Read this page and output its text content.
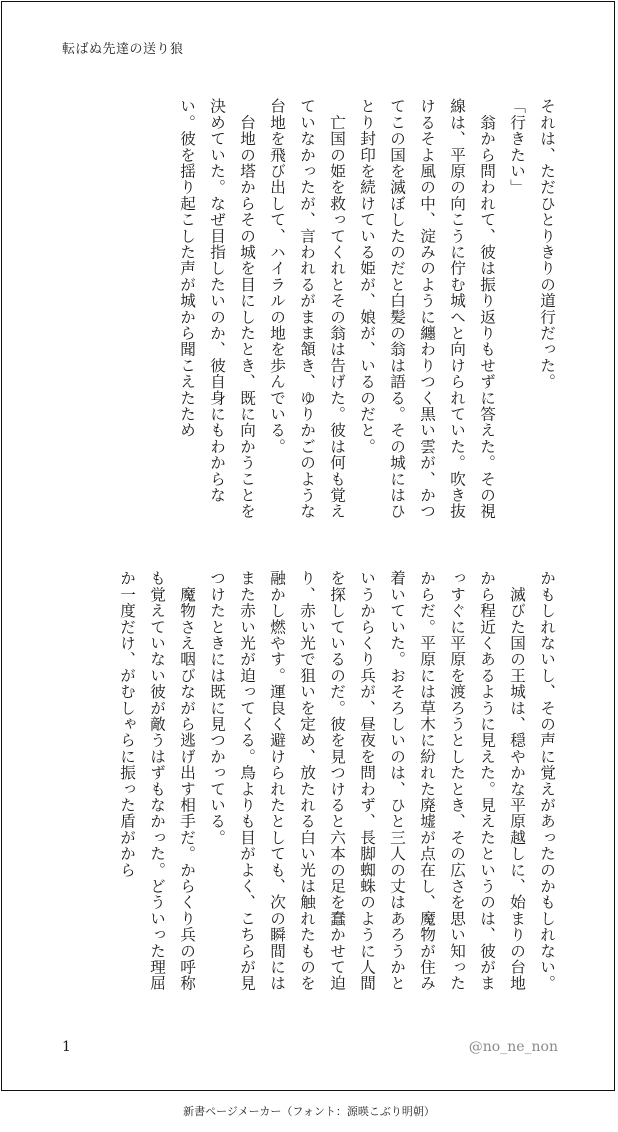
転ばぬ先達の送り狼

それは、ただひとりきりの道行だった。

「行きたい」

　翁から問われて、彼は振り返りもせずに答えた。その視線は、平原の向こうに佇む城へと向けられていた。吹き抜けるそよ風の中、淀みのように纏わりつく黒い雲が、かつてこの国を滅ぼしたのだと白髪の翁は語る。その城にはひとり封印を続けている姫が、娘が、いるのだと。

　亡国の姫を救ってくれとその翁は告げた。彼は何も覚えていなかったが、言われるがまま頷き、ゆりかごのような台地を飛び出して、ハイラルの地を歩んでいる。

　台地の塔からその城を目にしたとき、既に向かうことを決めていた。なぜ目指したいのか、彼自身にもわからない。彼を揺り起こした声が城から聞こえたため

かもしれないし、その声に覚えがあったのかもしれない。

　滅びた国の王城は、穏やかな平原越しに、始まりの台地から程近くあるように見えた。見えたというのは、彼がまっすぐに平原を渡ろうとしたとき、その広さを思い知ったからだ。平原には草木に紛れた廃墟が点在し、魔物が住み着いていた。おそろしいのは、ひと三人の丈はあろうかというからくり兵が、昼夜を問わず、長脚蜘蛛のように人間を探しているのだ。彼を見つけると六本の足を蠢かせて迫り、赤い光で狙いを定め、放たれる白い光は触れたものを融かし燃やす。運良く避けられたとしても、次の瞬間にはまた赤い光が迫ってくる。鳥よりも目がよく、こちらが見つけたときには既に見つかっている。

　魔物さえ咽びながら逃げ出す相手だ。からくり兵の呼称も覚えていない彼が敵うはずもなかった。どういった理屈か一度だけ、がむしゃらに振った盾がから

1	@no_ne_non
新書ページメーカー（フォント：源暎こぶり明朝）
